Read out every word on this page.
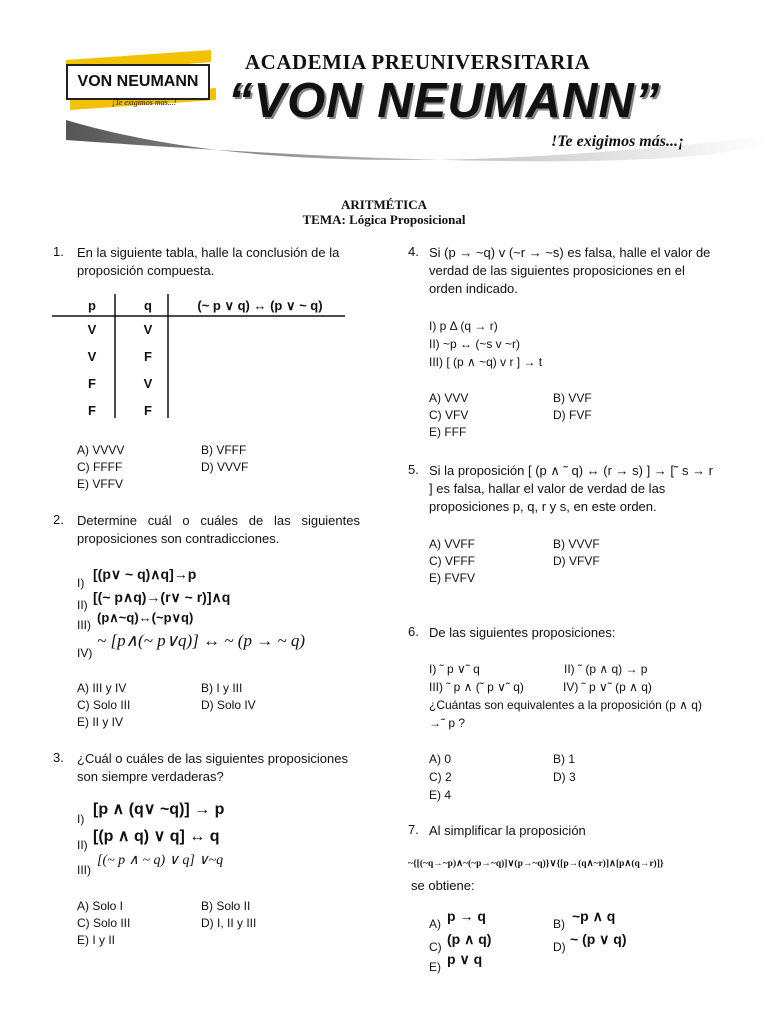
VON NEUMANN
¡Te exigimos más...!
ACADEMIA PREUNIVERSITARIA
“VON NEUMANN”
!Te exigimos más...¡
ARITMÉTICA
TEMA: Lógica Proposicional
1. En la siguiente tabla, halle la conclusión de la proposición compuesta.
p	q	(~ p ∨ q) ↔ (p ∨ ~ q)
V	V
V	F
F	V
F	F
A) VVVV	B) VFFF
C) FFFF	D) VVVF
E) VFFV
2. Determine cuál o cuáles de las siguientes proposiciones son contradicciones.
I)
[(p∨ ~ q)∧q]→p
II) [(~ p∧q)→(r∨ ~ r)]∧q
III) (p∧~q)↔(~p∨q)
IV)
~ [p∧(~ p∨q)] ↔ ~ (p → ~ q)
A) III y IV	B) I y III
C) Solo III	D) Solo IV
E) II y IV
3. ¿Cuál o cuáles de las siguientes proposiciones son siempre verdaderas?
I)
[p ∧ (q∨ ~q)] → p
II) [(p ∧ q) ∨ q] ↔ q
III)
[(~ p ∧ ~ q) ∨ q] ∨~q
A) Solo I	B) Solo II
C) Solo III	D) I, II y III
E) I y II
4. Si (p → ~q) v (~r → ~s) es falsa, halle el valor de verdad de las siguientes proposiciones en el orden indicado.
I) p Δ (q → r)
II) ~p ↔ (~s v ~r)
III) [ (p ∧ ~q) v r ] → t
A) VVV	B) VVF
C) VFV	D) FVF
E) FFF
5. Si la proposición [ (p ∧ ˜ q) ↔ (r → s) ] → [˜ s → r ] es falsa, hallar el valor de verdad de las proposiciones p, q, r y s, en este orden.
A) VVFF	B) VVVF
C) VFFF	D) VFVF
E) FVFV
6. De las siguientes proposiciones:
I) ˜ p ∨˜ q	II) ˜ (p ∧ q) → p
III) ˜ p ∧ (˜ p ∨˜ q)	IV) ˜ p ∨˜ (p ∧ q)
¿Cuántas son equivalentes a la proposición (p ∧ q) →˜ p ?
A) 0	B) 1
C) 2	D) 3
E) 4
7. Al simplificar la proposición
~{[(~q→~p)∧~(~p→~q)]∨(p→~q)}∨{[p→(q∧~r)]∧[p∧(q→r)]}
se obtiene:
A) p → q	B) ~p ∧ q
C) (p ∧ q)	D) ~ (p ∨ q)
E) p ∨ q
